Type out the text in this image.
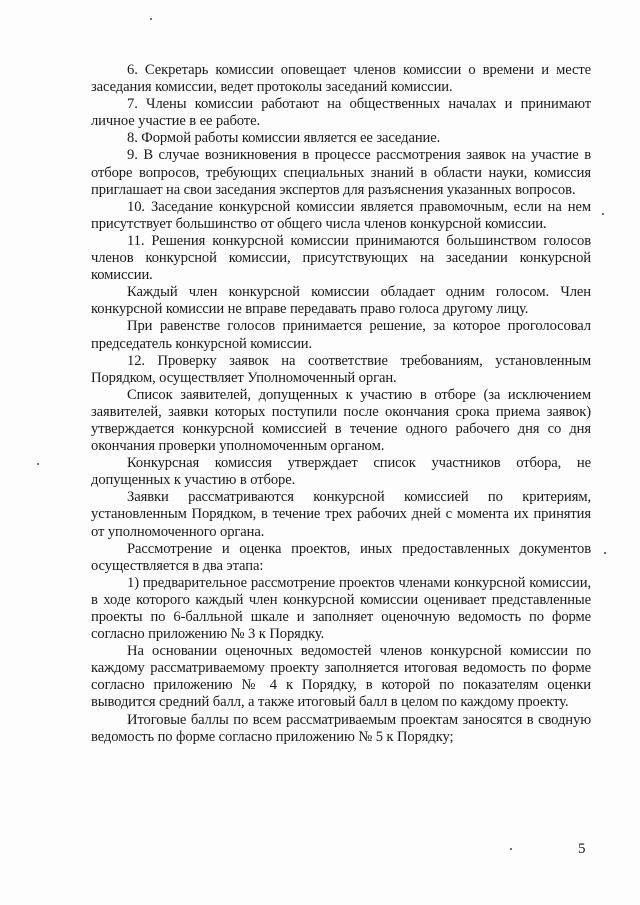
6. Секретарь комиссии оповещает членов комиссии о времени и месте заседания комиссии, ведет протоколы заседаний комиссии.

7. Члены комиссии работают на общественных началах и принимают личное участие в ее работе.

8. Формой работы комиссии является ее заседание.

9. В случае возникновения в процессе рассмотрения заявок на участие в отборе вопросов, требующих специальных знаний в области науки, комиссия приглашает на свои заседания экспертов для разъяснения указанных вопросов.

10. Заседание конкурсной комиссии является правомочным, если на нем присутствует большинство от общего числа членов конкурсной комиссии.

11. Решения конкурсной комиссии принимаются большинством голосов членов конкурсной комиссии, присутствующих на заседании конкурсной комиссии.

Каждый член конкурсной комиссии обладает одним голосом. Член конкурсной комиссии не вправе передавать право голоса другому лицу.

При равенстве голосов принимается решение, за которое проголосовал председатель конкурсной комиссии.

12. Проверку заявок на соответствие требованиям, установленным Порядком, осуществляет Уполномоченный орган.

Список заявителей, допущенных к участию в отборе (за исключением заявителей, заявки которых поступили после окончания срока приема заявок) утверждается конкурсной комиссией в течение одного рабочего дня со дня окончания проверки уполномоченным органом.

Конкурсная комиссия утверждает список участников отбора, не допущенных к участию в отборе.

Заявки рассматриваются конкурсной комиссией по критериям, установленным Порядком, в течение трех рабочих дней с момента их принятия от уполномоченного органа.

Рассмотрение и оценка проектов, иных предоставленных документов осуществляется в два этапа:

1) предварительное рассмотрение проектов членами конкурсной комиссии, в ходе которого каждый член конкурсной комиссии оценивает представленные проекты по 6-балльной шкале и заполняет оценочную ведомость по форме согласно приложению № 3 к Порядку.

На основании оценочных ведомостей членов конкурсной комиссии по каждому рассматриваемому проекту заполняется итоговая ведомость по форме согласно приложению № 4 к Порядку, в которой по показателям оценки выводится средний балл, а также итоговый балл в целом по каждому проекту.

Итоговые баллы по всем рассматриваемым проектам заносятся в сводную ведомость по форме согласно приложению № 5 к Порядку;

5
